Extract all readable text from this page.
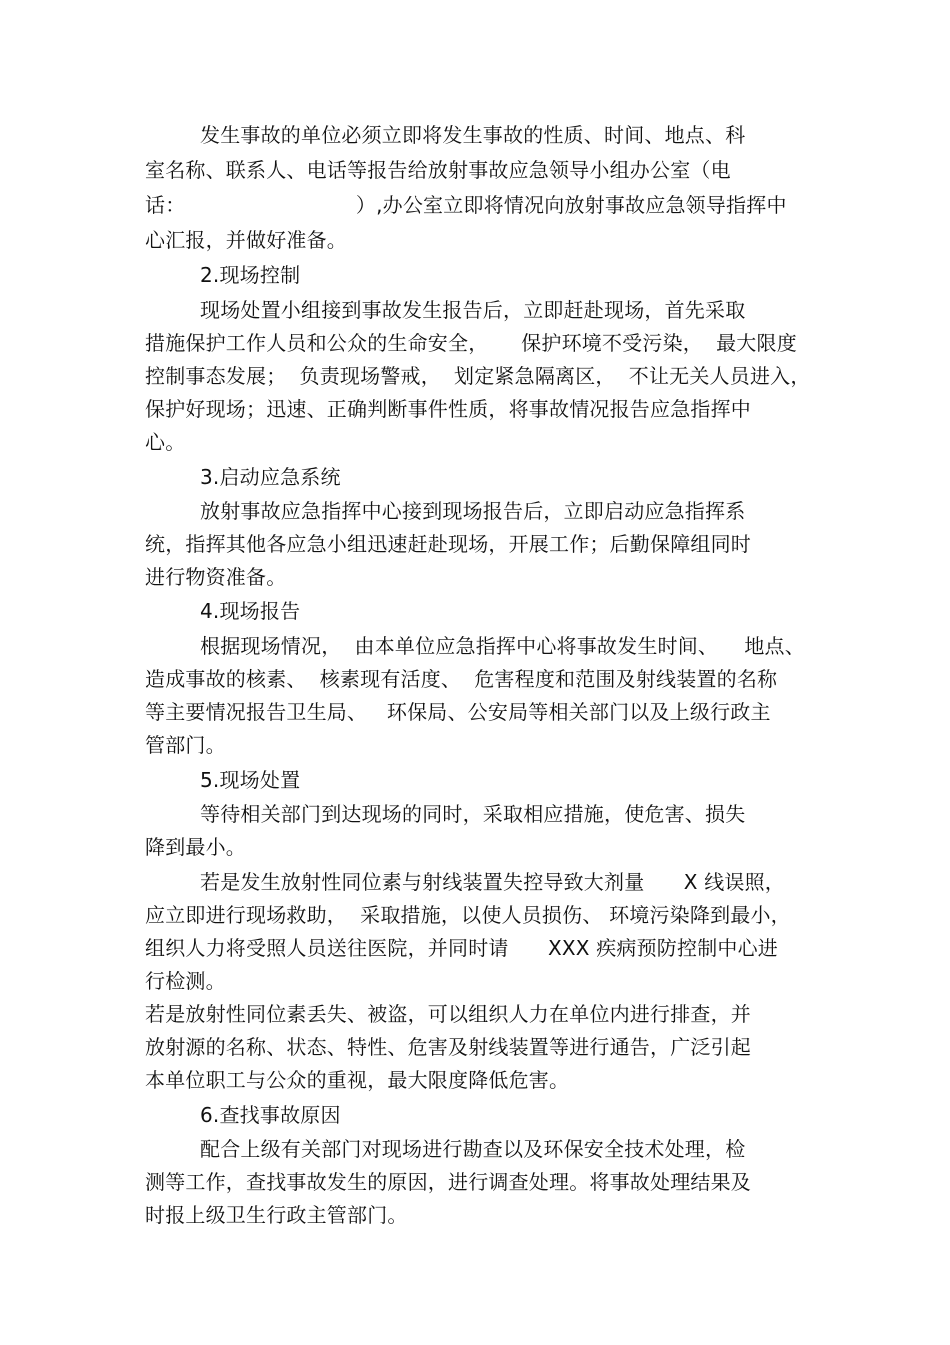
发生事故的单位必须立即将发生事故的性质、时间、地点、科
室名称、联系人、电话等报告给放射事故应急领导小组办公室（电
话：                          ）,办公室立即将情况向放射事故应急领导指挥中
心汇报，并做好准备。
2.现场控制
现场处置小组接到事故发生报告后，立即赶赴现场，首先采取
措施保护工作人员和公众的生命安全，     保护环境不受污染，  最大限度
控制事态发展；  负责现场警戒，  划定紧急隔离区，  不让无关人员进入，
保护好现场；迅速、正确判断事件性质，将事故情况报告应急指挥中
心。
3.启动应急系统
放射事故应急指挥中心接到现场报告后，立即启动应急指挥系
统，指挥其他各应急小组迅速赶赴现场，开展工作；后勤保障组同时
进行物资准备。
4.现场报告
根据现场情况，  由本单位应急指挥中心将事故发生时间、    地点、
造成事故的核素、  核素现有活度、  危害程度和范围及射线装置的名称
等主要情况报告卫生局、   环保局、公安局等相关部门以及上级行政主
管部门。
5.现场处置
等待相关部门到达现场的同时，采取相应措施，使危害、损失
降到最小。
若是发生放射性同位素与射线装置失控导致大剂量      X 线误照，
应立即进行现场救助，  采取措施，以使人员损伤、 环境污染降到最小，
组织人力将受照人员送往医院，并同时请      XXX 疾病预防控制中心进
行检测。
若是放射性同位素丢失、被盗，可以组织人力在单位内进行排查，并
放射源的名称、状态、特性、危害及射线装置等进行通告，广泛引起
本单位职工与公众的重视，最大限度降低危害。
6.查找事故原因
配合上级有关部门对现场进行勘查以及环保安全技术处理，检
测等工作，查找事故发生的原因，进行调查处理。将事故处理结果及
时报上级卫生行政主管部门。
